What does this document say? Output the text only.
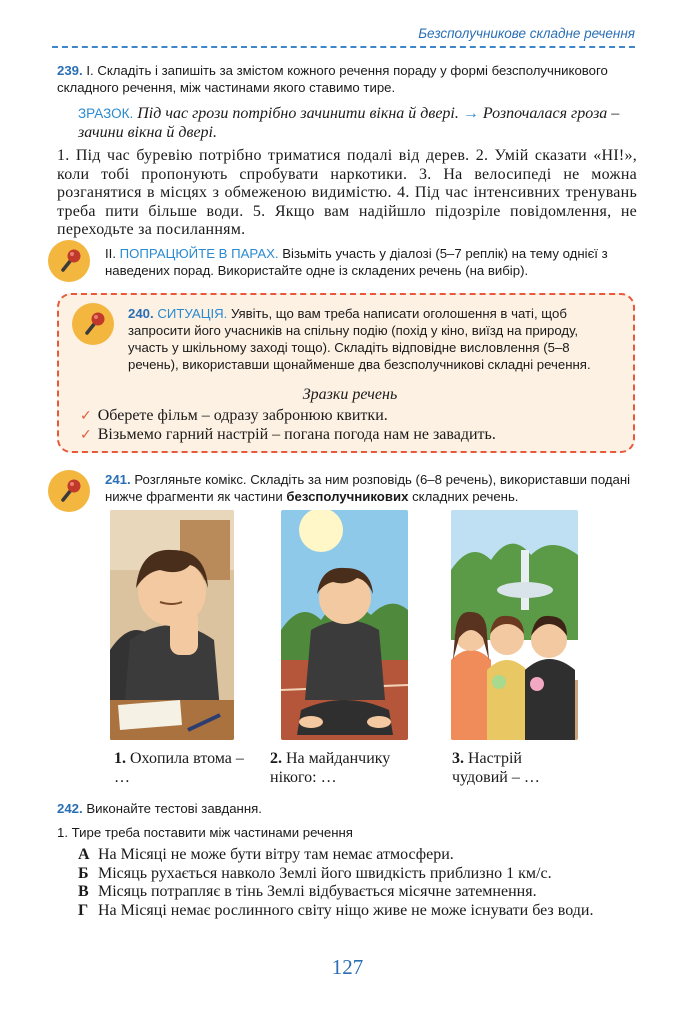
Безсполучникове складне речення
239. І. Складіть і запишіть за змістом кожного речення пораду у формі безсполучникового складного речення, між частинами якого ставимо тире.
ЗРАЗОК. Під час грози потрібно зачинити вікна й двері. → Розпочалася гроза – зачини вікна й двері.
1. Під час буревію потрібно триматися подалі від дерев. 2. Умій сказати «НІ!», коли тобі пропонують спробувати наркотики. 3. На велосипеді не можна розганятися в місцях з обмеженою видимістю. 4. Під час інтенсивних тренувань треба пити більше води. 5. Якщо вам надійшло підозріле повідомлення, не переходьте за посиланням.
ІІ. ПОПРАЦЮЙТЕ В ПАРАХ. Візьміть участь у діалозі (5–7 реплік) на тему однієї з наведених порад. Використайте одне із складених речень (на вибір).
240. СИТУАЦІЯ. Уявіть, що вам треба написати оголошення в чаті, щоб запросити його учасників на спільну подію (похід у кіно, виїзд на природу, участь у шкільному заході тощо). Складіть відповідне висловлення (5–8 речень), використавши щонайменше два безсполучникові складні речення.
Зразки речень
✓ Оберете фільм – одразу забронюю квитки.
✓ Візьмемо гарний настрій – погана погода нам не завадить.
241. Розгляньте комікс. Складіть за ним розповідь (6–8 речень), використавши подані нижче фрагменти як частини безсполучникових складних речень.
1. Охопила втома – …
2. На майданчику нікого: …
3. Настрій чудовий – …
242. Виконайте тестові завдання.
1. Тире треба поставити між частинами речення
А На Місяці не може бути вітру там немає атмосфери.
Б Місяць рухається навколо Землі його швидкість приблизно 1 км/с.
В Місяць потрапляє в тінь Землі відбувається місячне затемнення.
Г На Місяці немає рослинного світу ніщо живе не може існувати без води.
127
